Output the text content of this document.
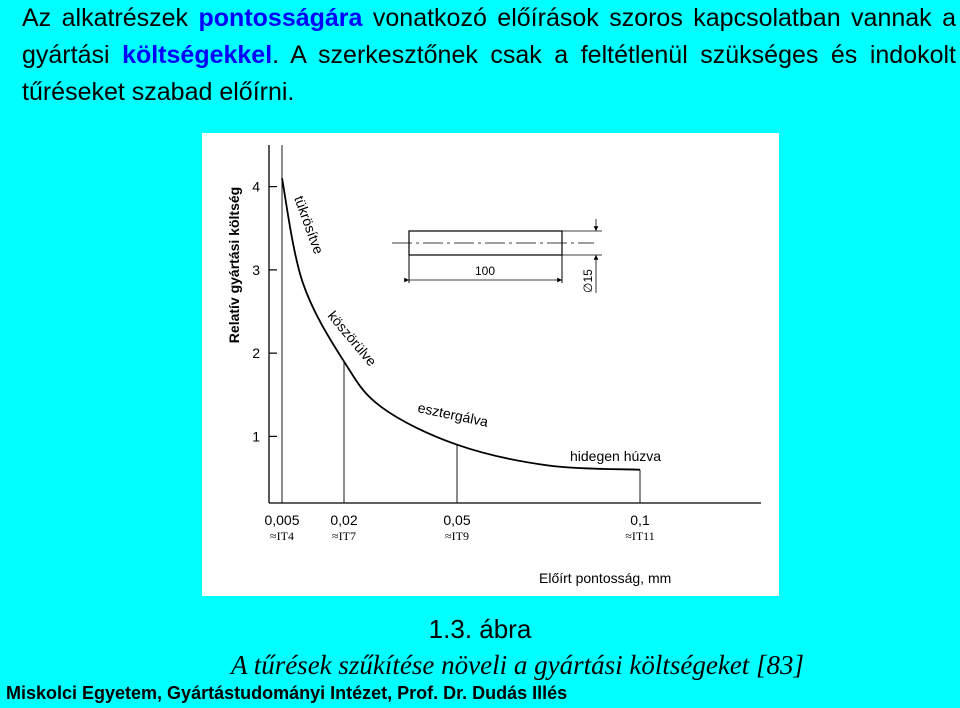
Az alkatrészek pontosságára vonatkozó előírások szoros kapcsolatban vannak a gyártási költségekkel. A szerkesztőnek csak a feltétlenül szükséges és indokolt tűréseket szabad előírni.
Relatív gyártási költség
1
2
3
4
0,005
≈IT4
0,02
≈IT7
0,05
≈IT9
0,1
≈IT11
tükrösítve
köszörülve
esztergálva
hidegen húzva
Előírt pontosság, mm
100	∅15
1.3. ábra
A tűrések szűkítése növeli a gyártási költségeket [83]
Miskolci Egyetem, Gyártástudományi Intézet, Prof. Dr. Dudás Illés
